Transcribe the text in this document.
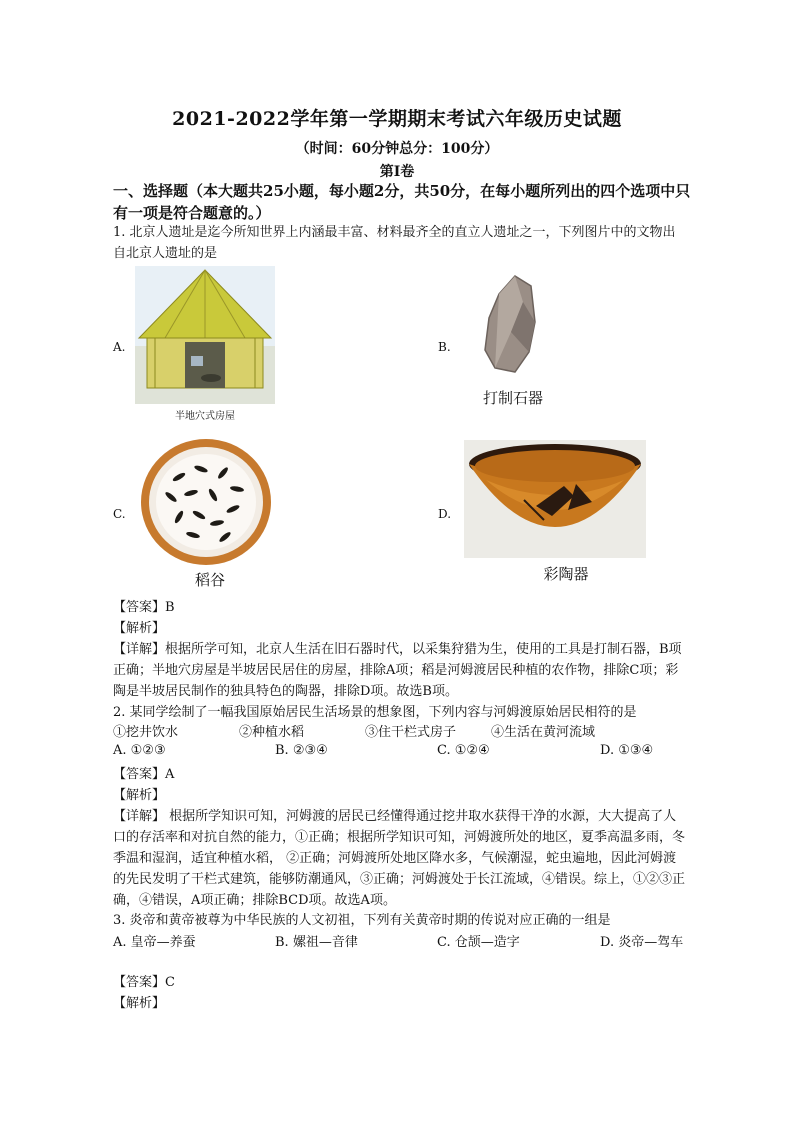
2021-2022学年第一学期期末考试六年级历史试题
（时间：60分钟总分：100分）
第I卷
一、选择题（本大题共25小题，每小题2分，共50分，在每小题所列出的四个选项中只有一项是符合题意的。）
1. 北京人遗址是迄今所知世界上内涵最丰富、材料最齐全的直立人遗址之一，下列图片中的文物出自北京人遗址的是
A.
半地穴式房屋
B.
打制石器
C.
稻谷
D.
彩陶器
【答案】B
【解析】
【详解】根据所学可知，北京人生活在旧石器时代，以采集狩猎为生，使用的工具是打制石器，B项正确；半地穴房屋是半坡居民居住的房屋，排除A项；稻是河姆渡居民种植的农作物，排除C项；彩陶是半坡居民制作的独具特色的陶器，排除D项。故选B项。
2. 某同学绘制了一幅我国原始居民生活场景的想象图，下列内容与河姆渡原始居民相符的是
①挖井饮水	②种植水稻	③住干栏式房子	④生活在黄河流域
A. ①②③	B. ②③④	C. ①②④	D. ①③④
【答案】A
【解析】
【详解】 根据所学知识可知，河姆渡的居民已经懂得通过挖井取水获得干净的水源，大大提高了人口的存活率和对抗自然的能力，①正确；根据所学知识可知，河姆渡所处的地区，夏季高温多雨，冬季温和湿润，适宜种植水稻， ②正确；河姆渡所处地区降水多，气候潮湿，蛇虫遍地，因此河姆渡的先民发明了干栏式建筑，能够防潮通风，③正确；河姆渡处于长江流域，④错误。综上，①②③正确，④错误，A项正确；排除BCD项。故选A项。
3. 炎帝和黄帝被尊为中华民族的人文初祖，下列有关黄帝时期的传说对应正确的一组是
A. 皇帝—养蚕	B. 嫘祖—音律	C. 仓颉—造字	D. 炎帝—驾车
【答案】C
【解析】
